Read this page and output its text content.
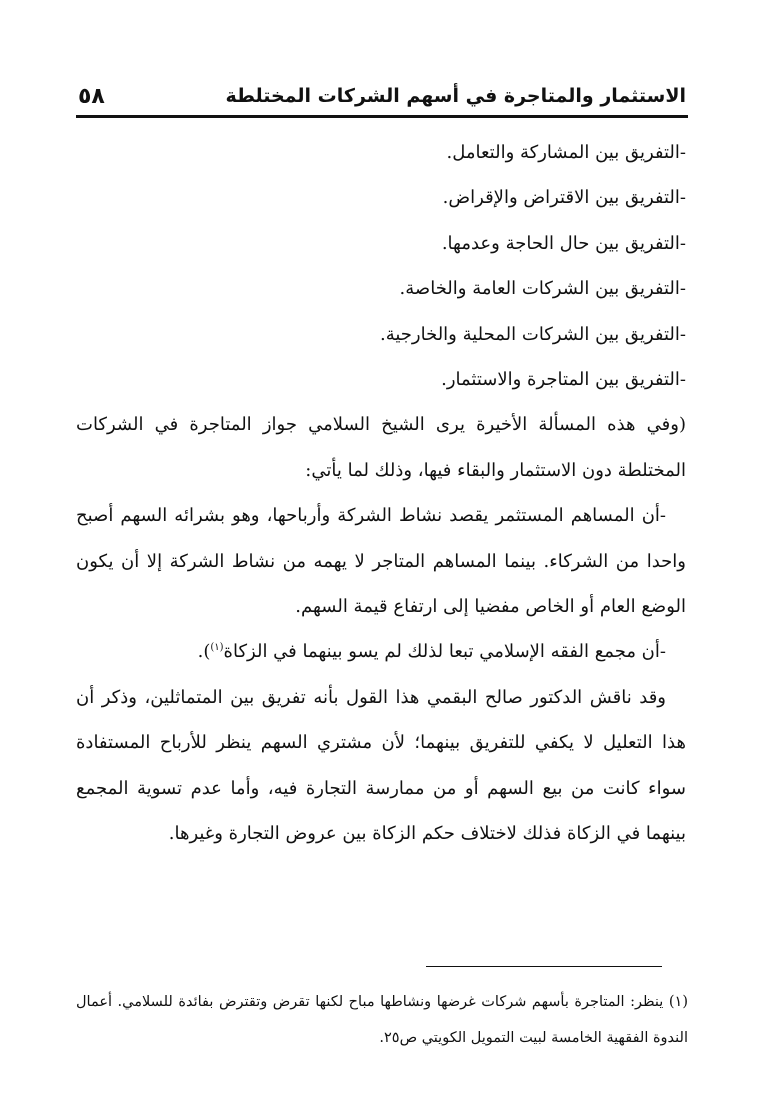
الاستثمار والمتاجرة في أسهم الشركات المختلطة
٥٨
-التفريق بين المشاركة والتعامل.
-التفريق بين الاقتراض والإقراض.
-التفريق بين حال الحاجة وعدمها.
-التفريق بين الشركات العامة والخاصة.
-التفريق بين الشركات المحلية والخارجية.
-التفريق بين المتاجرة والاستثمار.
(وفي هذه المسألة الأخيرة يرى الشيخ السلامي جواز المتاجرة في الشركات المختلطة دون الاستثمار والبقاء فيها، وذلك لما يأتي:
-أن المساهم المستثمر يقصد نشاط الشركة وأرباحها، وهو بشرائه السهم أصبح واحدا من الشركاء. بينما المساهم المتاجر لا يهمه من نشاط الشركة إلا أن يكون الوضع العام أو الخاص مفضيا إلى ارتفاع قيمة السهم.
-أن مجمع الفقه الإسلامي تبعا لذلك لم يسو بينهما في الزكاة$^{(١)}$).
وقد ناقش الدكتور صالح البقمي هذا القول بأنه تفريق بين المتماثلين، وذكر أن هذا التعليل لا يكفي للتفريق بينهما؛ لأن مشتري السهم ينظر للأرباح المستفادة سواء كانت من بيع السهم أو من ممارسة التجارة فيه، وأما عدم تسوية المجمع بينهما في الزكاة فذلك لاختلاف حكم الزكاة بين عروض التجارة وغيرها.
(١) ينظر: المتاجرة بأسهم شركات غرضها ونشاطها مباح لكنها تقرض وتقترض بفائدة للسلامي. أعمال الندوة الفقهية الخامسة لبيت التمويل الكويتي ص٢٥.
